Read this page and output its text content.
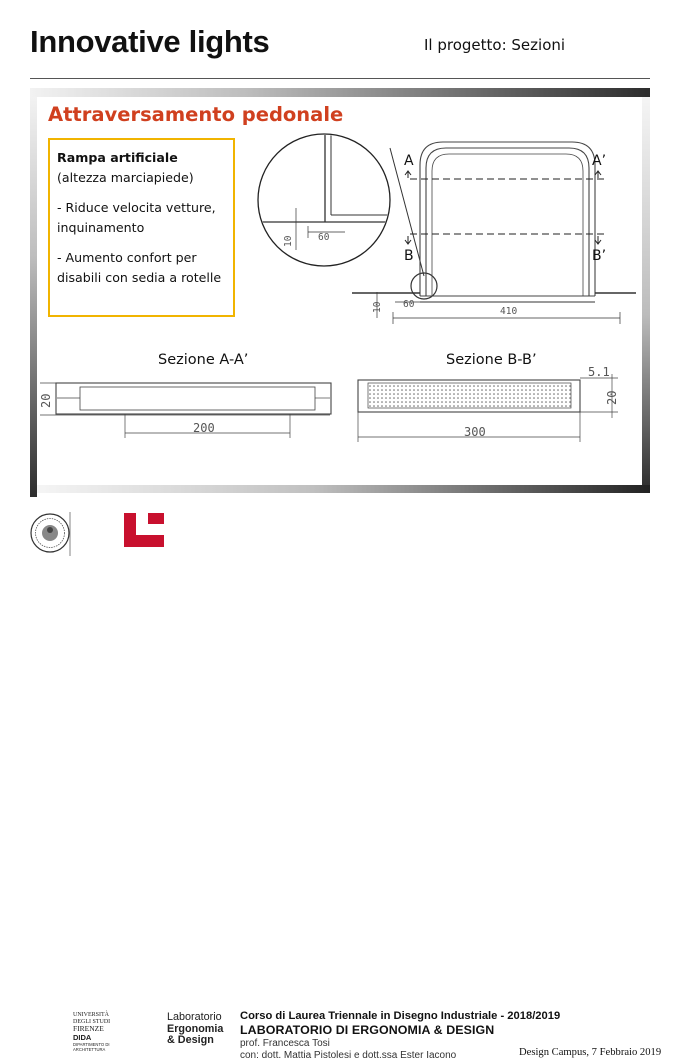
Innovative lights	Il progetto: Sezioni
Attraversamento pedonale
Rampa artificiale
(altezza marciapiede)
- Riduce velocita vetture,
inquinamento
- Aumento confort per
disabili con sedia a rotelle
10	60
10 60
410
20
200
5.1
20
300
A	A’
B	B’
Sezione A-A’	Sezione B-B’
UNIVERSITÀ
DEGLI STUDI
FIRENZE
DIDA
DIPARTIMENTO DI
ARCHITETTURA
didalabs
Laboratorio
Ergonomia
& Design
Corso di Laurea Triennale in Disegno Industriale - 2018/2019
LABORATORIO DI ERGONOMIA & DESIGN
prof. Francesca Tosi
con: dott. Mattia Pistolesi e dott.ssa Ester Iacono	Design Campus, 7 Febbraio 2019
